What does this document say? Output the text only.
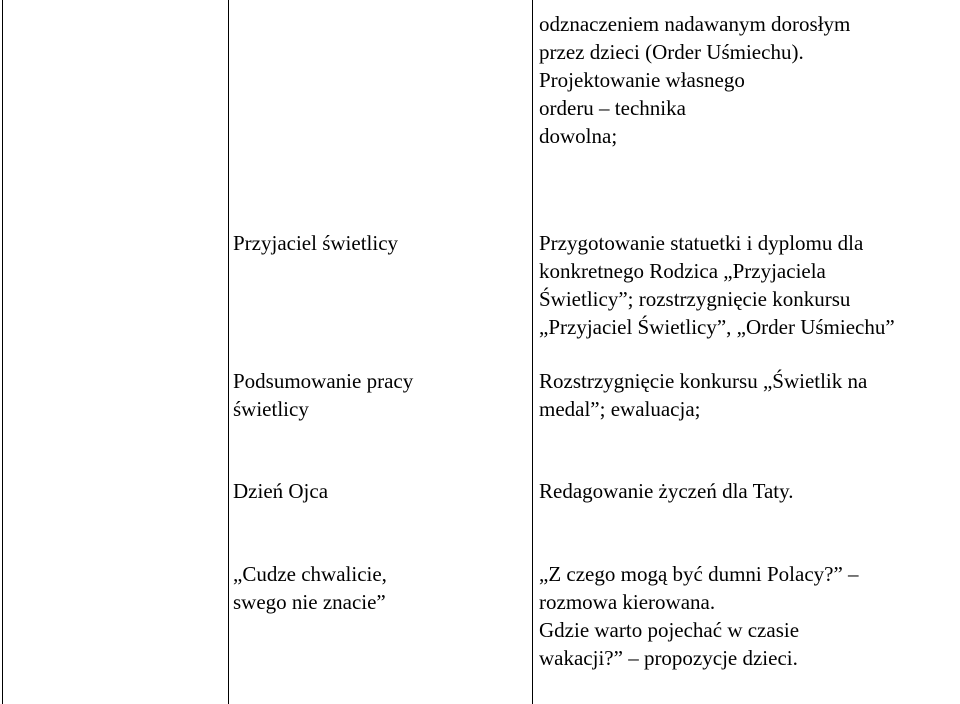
odznaczeniem nadawanym dorosłym
przez dzieci (Order Uśmiechu).
Projektowanie własnego
orderu – technika
dowolna;
Przyjaciel świetlicy	Przygotowanie statuetki i dyplomu dla
konkretnego Rodzica „Przyjaciela
Świetlicy”; rozstrzygnięcie konkursu
„Przyjaciel Świetlicy”, „Order Uśmiechu”
Podsumowanie pracy
świetlicy
Rozstrzygnięcie konkursu „Świetlik na
medal”; ewaluacja;
Dzień Ojca	Redagowanie życzeń dla Taty.
„Cudze chwalicie,
swego nie znacie”
„Z czego mogą być dumni Polacy?” –
rozmowa kierowana.
Gdzie warto pojechać w czasie
wakacji?” – propozycje dzieci.
